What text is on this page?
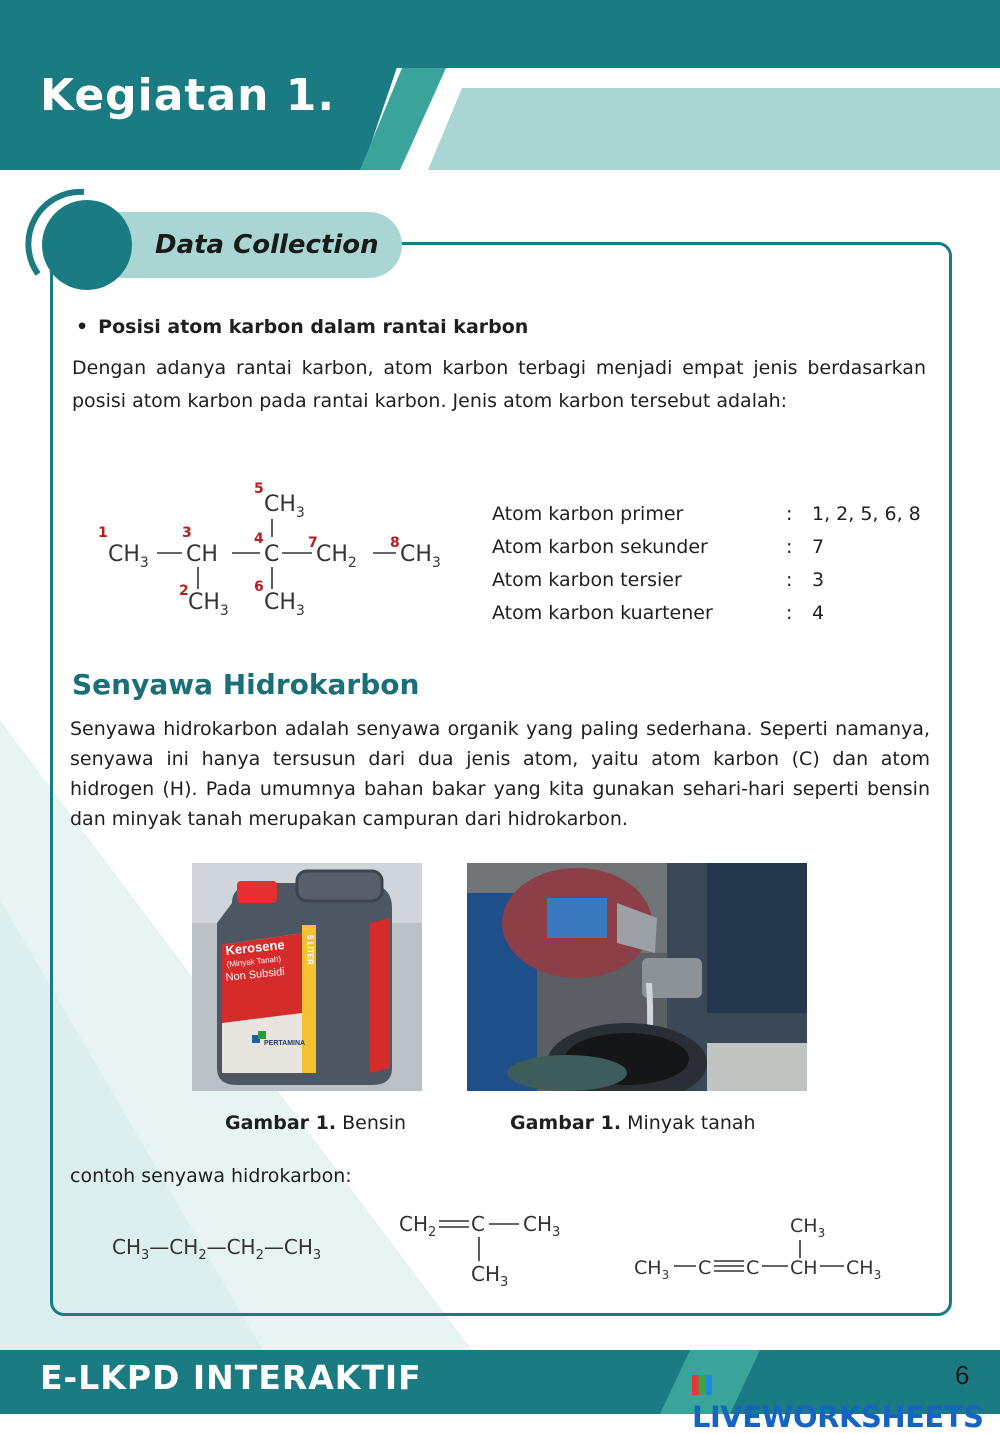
Kegiatan 1.
Data Collection
• Posisi atom karbon dalam rantai karbon
Dengan adanya rantai karbon, atom karbon terbagi menjadi empat jenis berdasarkan posisi atom karbon pada rantai karbon. Jenis atom karbon tersebut adalah:
1
2
3	4
5
6
7	8
$CH_3$ CH C $CH_2$ $CH_3$
$CH_3$
$CH_3$ $CH_3$
Atom karbon primer	: 1, 2, 5, 6, 8
Atom karbon sekunder	: 7
Atom karbon tersier	: 3
Atom karbon kuartener	: 4
Senyawa Hidrokarbon
Senyawa hidrokarbon adalah senyawa organik yang paling sederhana. Seperti namanya, senyawa ini hanya tersusun dari dua jenis atom, yaitu atom karbon (C) dan atom hidrogen (H). Pada umumnya bahan bakar yang kita gunakan sehari-hari seperti bensin dan minyak tanah merupakan campuran dari hidrokarbon.
Kerosene
(Minyak Tanah)
Non Subsidi
5 LITER
PERTAMINA
Gambar 1. Bensin	Gambar 1. Minyak tanah
contoh senyawa hidrokarbon:
$CH_3—CH_2—CH_2—CH_3$
$CH_2$ C $CH_3$
$CH_3$
$CH_3$
$CH_3$ C C CH $CH_3$
E-LKPD INTERAKTIF
LIVEWORKSHEETS
6
